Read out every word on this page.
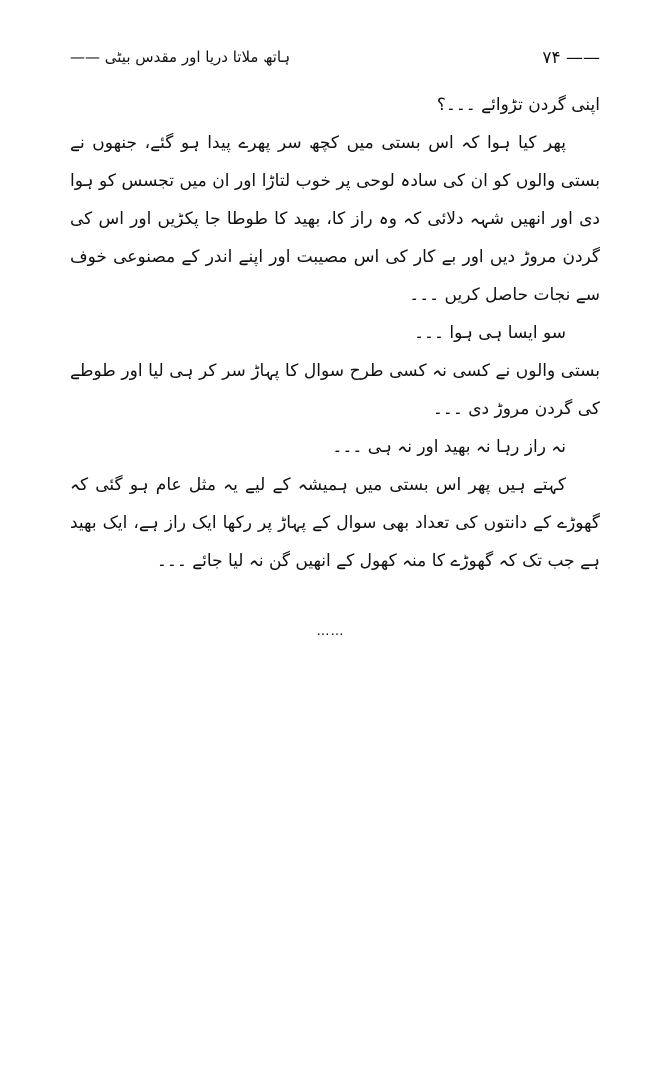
ہاتھ ملاتا دریا اور مقدس بیٹی ——	—— ۷۴

اپنی گردن تڑوائے ۔۔۔؟

پھر کیا ہوا کہ اس بستی میں کچھ سر پھرے پیدا ہو گئے، جنھوں نے بستی والوں کو ان کی سادہ لوحی پر خوب لتاڑا اور ان میں تجسس کو ہوا دی اور انھیں شہہ دلائی کہ وہ راز کا، بھید کا طوطا جا پکڑیں اور اس کی گردن مروڑ دیں اور بے کار کی اس مصیبت اور اپنے اندر کے مصنوعی خوف سے نجات حاصل کریں ۔۔۔

سو ایسا ہی ہوا ۔۔۔

بستی والوں نے کسی نہ کسی طرح سوال کا پہاڑ سر کر ہی لیا اور طوطے کی گردن مروڑ دی ۔۔۔

نہ راز رہا نہ بھید اور نہ ہی ۔۔۔

کہتے ہیں پھر اس بستی میں ہمیشہ کے لیے یہ مثل عام ہو گئی کہ گھوڑے کے دانتوں کی تعداد بھی سوال کے پہاڑ پر رکھا ایک راز ہے، ایک بھید ہے جب تک کہ گھوڑے کا منہ کھول کے انھیں گن نہ لیا جائے ۔۔۔

……
